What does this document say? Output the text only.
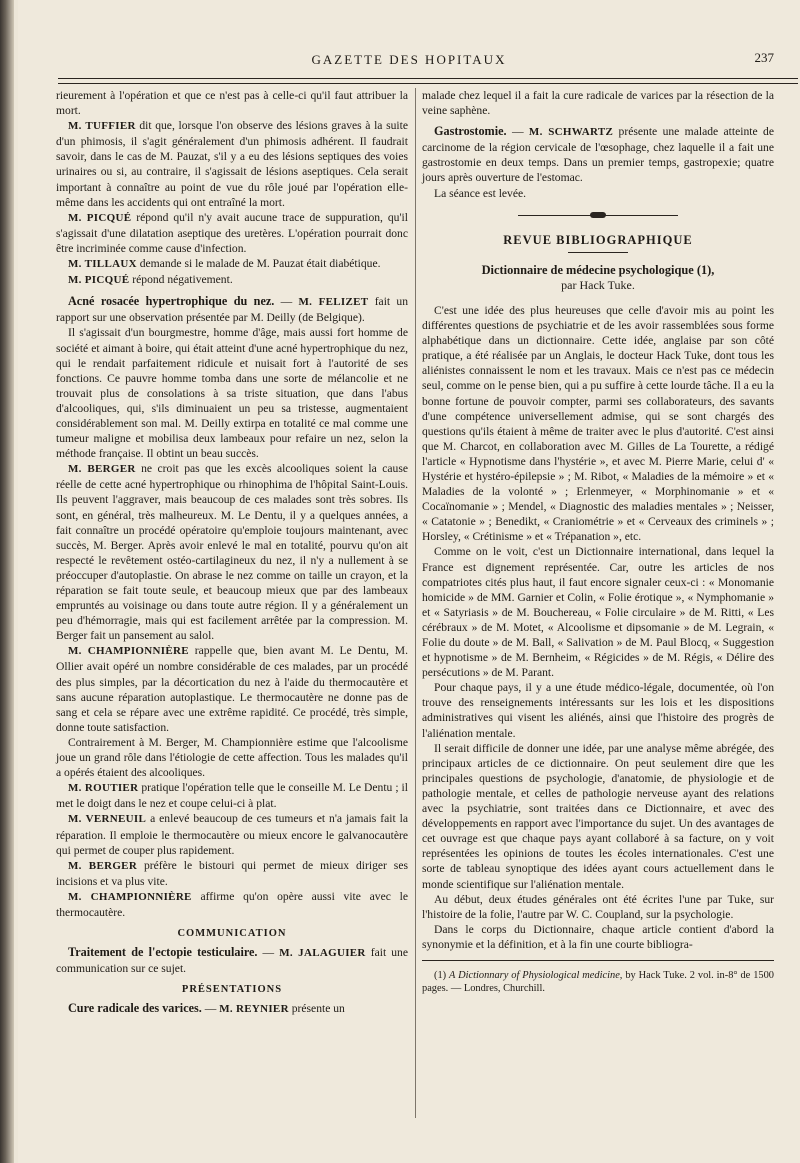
GAZETTE DES HOPITAUX	237

rieurement à l'opération et que ce n'est pas à celle-ci qu'il faut attribuer la mort.

M. TUFFIER dit que, lorsque l'on observe des lésions graves à la suite d'un phimosis, il s'agit généralement d'un phimosis adhérent. Il faudrait savoir, dans le cas de M. Pauzat, s'il y a eu des lésions septiques des voies urinaires ou si, au contraire, il s'agissait de lésions aseptiques. Cela serait important à connaître au point de vue du rôle joué par l'opération elle-même dans les accidents qui ont entraîné la mort.

M. PICQUÉ répond qu'il n'y avait aucune trace de suppuration, qu'il s'agissait d'une dilatation aseptique des uretères. L'opération pourrait donc être incriminée comme cause d'infection.

M. TILLAUX demande si le malade de M. Pauzat était diabétique.

M. PICQUÉ répond négativement.

Acné rosacée hypertrophique du nez. — M. FELIZET fait un rapport sur une observation présentée par M. Deilly (de Belgique).

Il s'agissait d'un bourgmestre, homme d'âge, mais aussi fort homme de société et aimant à boire, qui était atteint d'une acné hypertrophique du nez, qui le rendait parfaitement ridicule et nuisait fort à l'autorité de ses fonctions. Ce pauvre homme tomba dans une sorte de mélancolie et ne trouvait plus de consolations à sa triste situation, que dans l'abus d'alcooliques, qui, s'ils diminuaient un peu sa tristesse, augmentaient considérablement son mal. M. Deilly extirpa en totalité ce mal comme une tumeur maligne et mobilisa deux lambeaux pour refaire un nez, selon la méthode française. Il obtint un beau succès.

M. BERGER ne croit pas que les excès alcooliques soient la cause réelle de cette acné hypertrophique ou rhinophima de l'hôpital Saint-Louis. Ils peuvent l'aggraver, mais beaucoup de ces malades sont très sobres. Ils sont, en général, très malheureux. M. Le Dentu, il y a quelques années, a fait connaître un procédé opératoire qu'emploie toujours maintenant, avec succès, M. Berger. Après avoir enlevé le mal en totalité, pourvu qu'on ait respecté le revêtement ostéo-cartilagineux du nez, il n'y a nullement à se préoccuper d'autoplastie. On abrase le nez comme on taille un crayon, et la réparation se fait toute seule, et beaucoup mieux que par des lambeaux empruntés au voisinage ou dans toute autre région. Il y a généralement un peu d'hémorragie, mais qui est facilement arrêtée par la compression. M. Berger fait un pansement au salol.

M. CHAMPIONNIÈRE rappelle que, bien avant M. Le Dentu, M. Ollier avait opéré un nombre considérable de ces malades, par un procédé des plus simples, par la décortication du nez à l'aide du thermocautère et sans aucune réparation autoplastique. Le thermocautère ne donne pas de sang et cela se répare avec une extrême rapidité. Ce procédé, très simple, donne toute satisfaction.

Contrairement à M. Berger, M. Championnière estime que l'alcoolisme joue un grand rôle dans l'étiologie de cette affection. Tous les malades qu'il a opérés étaient des alcooliques.

M. ROUTIER pratique l'opération telle que le conseille M. Le Dentu ; il met le doigt dans le nez et coupe celui-ci à plat.

M. VERNEUIL a enlevé beaucoup de ces tumeurs et n'a jamais fait la réparation. Il emploie le thermocautère ou mieux encore le galvanocautère qui permet de couper plus rapidement.

M. BERGER préfère le bistouri qui permet de mieux diriger ses incisions et va plus vite.

M. CHAMPIONNIÈRE affirme qu'on opère aussi vite avec le thermocautère.

COMMUNICATION

Traitement de l'ectopie testiculaire. — M. JALAGUIER fait une communication sur ce sujet.

PRÉSENTATIONS

Cure radicale des varices. — M. REYNIER présente un

malade chez lequel il a fait la cure radicale de varices par la résection de la veine saphène.

Gastrostomie. — M. SCHWARTZ présente une malade atteinte de carcinome de la région cervicale de l'œsophage, chez laquelle il a fait une gastrostomie en deux temps. Dans un premier temps, gastropexie; quatre jours après ouverture de l'estomac.

La séance est levée.

REVUE BIBLIOGRAPHIQUE
Dictionnaire de médecine psychologique (1),
par Hack Tuke.

C'est une idée des plus heureuses que celle d'avoir mis au point les différentes questions de psychiatrie et de les avoir rassemblées sous forme alphabétique dans un dictionnaire. Cette idée, anglaise par son côté pratique, a été réalisée par un Anglais, le docteur Hack Tuke, dont tous les aliénistes connaissent le nom et les travaux. Mais ce n'est pas ce médecin seul, comme on le pense bien, qui a pu suffire à cette lourde tâche. Il a eu la bonne fortune de pouvoir compter, parmi ses collaborateurs, des savants d'une compétence universellement admise, qui se sont chargés des questions qu'ils étaient à même de traiter avec le plus d'autorité. C'est ainsi que M. Charcot, en collaboration avec M. Gilles de La Tourette, a rédigé l'article « Hypnotisme dans l'hystérie », et avec M. Pierre Marie, celui d' « Hystérie et hystéro-épilepsie » ; M. Ribot, « Maladies de la mémoire » et « Maladies de la volonté » ; Erlenmeyer, « Morphinomanie » et « Cocaïnomanie » ; Mendel, « Diagnostic des maladies mentales » ; Neisser, « Catatonie » ; Benedikt, « Craniométrie » et « Cerveaux des criminels » ; Horsley, « Crétinisme » et « Trépanation », etc.

Comme on le voit, c'est un Dictionnaire international, dans lequel la France est dignement représentée. Car, outre les articles de nos compatriotes cités plus haut, il faut encore signaler ceux-ci : « Monomanie homicide » de MM. Garnier et Colin, « Folie érotique », « Nymphomanie » et « Satyriasis » de M. Bouchereau, « Folie circulaire » de M. Ritti, « Les cérébraux » de M. Motet, « Alcoolisme et dipsomanie » de M. Legrain, « Folie du doute » de M. Ball, « Salivation » de M. Paul Blocq, « Suggestion et hypnotisme » de M. Bernheim, « Régicides » de M. Régis, « Délire des persécutions » de M. Parant.

Pour chaque pays, il y a une étude médico-légale, documentée, où l'on trouve des renseignements intéressants sur les lois et les dispositions administratives qui visent les aliénés, ainsi que l'histoire des progrès de l'aliénation mentale.

Il serait difficile de donner une idée, par une analyse même abrégée, des principaux articles de ce dictionnaire. On peut seulement dire que les principales questions de psychologie, d'anatomie, de physiologie et de pathologie mentale, et celles de pathologie nerveuse ayant des relations avec la psychiatrie, sont traitées dans ce Dictionnaire, et avec des développements en rapport avec l'importance du sujet. Un des avantages de cet ouvrage est que chaque pays ayant collaboré à sa facture, on y voit représentées les opinions de toutes les écoles internationales. C'est une sorte de tableau synoptique des idées ayant cours actuellement dans le monde scientifique sur l'aliénation mentale.

Au début, deux études générales ont été écrites l'une par Tuke, sur l'histoire de la folie, l'autre par W. C. Coupland, sur la psychologie.

Dans le corps du Dictionnaire, chaque article contient d'abord la synonymie et la définition, et à la fin une courte bibliogra-

(1) A Dictionnary of Physiological medicine, by Hack Tuke. 2 vol. in-8° de 1500 pages. — Londres, Churchill.
